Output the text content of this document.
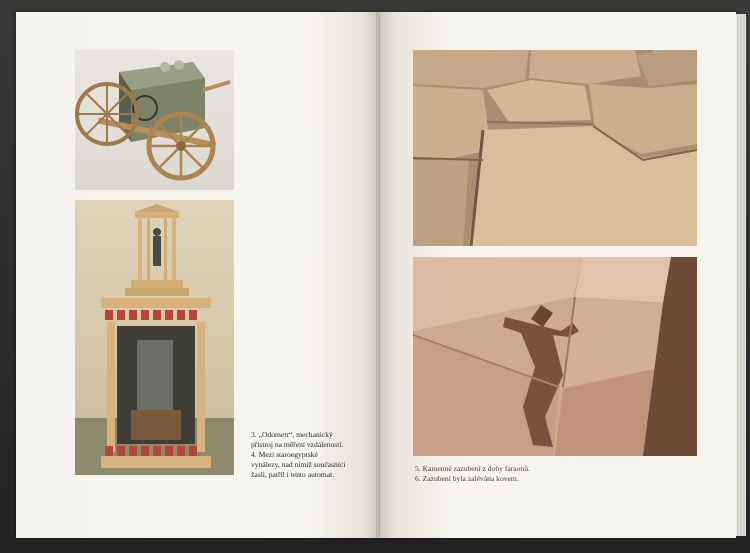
3. „Odometr“, mechanický
přístroj na měření vzdáleností.
4. Mezi staroegyptské
vynálezy, nad nimiž současníci
žasli, patřil i tento automat.
5. Kamenné zazubení z doby faraonů.
6. Zazubení byla zalévána kovem.
